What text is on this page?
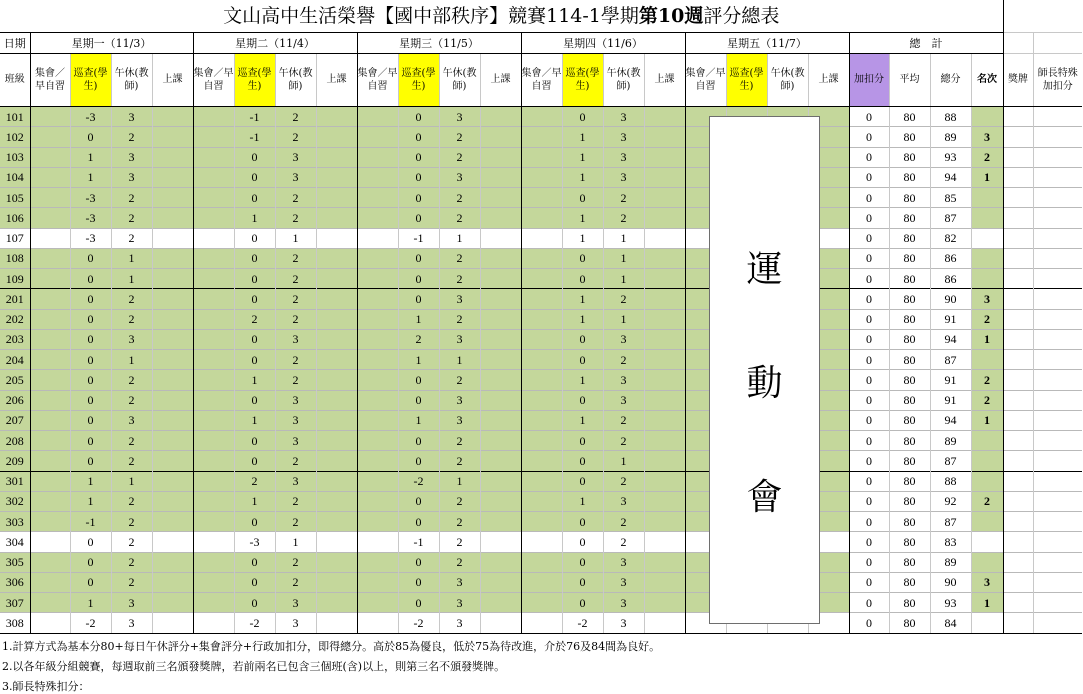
文山高中生活榮譽【國中部秩序】競賽114-1學期第10週評分總表																										
日期	星期一（11/3）				星期二（11/4）				星期三（11/5）				星期四（11/6）				星期五（11/7）				總　計					
班級	集會／早自習	巡查(學生)	午休(教師)	上課	集會／早自習	巡查(學生)	午休(教師)	上課	集會／早自習	巡查(學生)	午休(教師)	上課	集會／早自習	巡查(學生)	午休(教師)	上課	集會／早自習	巡查(學生)	午休(教師)	上課	加扣分	平均	總分	名次	獎牌	師長特殊加扣分
101		-3	3			-1	2			0	3			0	3						0	80	88			
102		0	2			-1	2			0	2			1	3						0	80	89	3		
103		1	3			0	3			0	2			1	3						0	80	93	2		
104		1	3			0	3			0	3			1	3						0	80	94	1		
105		-3	2			0	2			0	2			0	2						0	80	85			
106		-3	2			1	2			0	2			1	2						0	80	87			
107		-3	2			0	1			-1	1			1	1						0	80	82			
108		0	1			0	2			0	2			0	1						0	80	86			
109		0	1			0	2			0	2			0	1						0	80	86			
201		0	2			0	2			0	3			1	2						0	80	90	3		
202		0	2			2	2			1	2			1	1						0	80	91	2		
203		0	3			0	3			2	3			0	3						0	80	94	1		
204		0	1			0	2			1	1			0	2						0	80	87			
205		0	2			1	2			0	2			1	3						0	80	91	2		
206		0	2			0	3			0	3			0	3						0	80	91	2		
207		0	3			1	3			1	3			1	2						0	80	94	1		
208		0	2			0	3			0	2			0	2						0	80	89			
209		0	2			0	2			0	2			0	1						0	80	87			
301		1	1			2	3			-2	1			0	2						0	80	88			
302		1	2			1	2			0	2			1	3						0	80	92	2		
303		-1	2			0	2			0	2			0	2						0	80	87			
304		0	2			-3	1			-1	2			0	2						0	80	83			
305		0	2			0	2			0	2			0	3						0	80	89			
306		0	2			0	2			0	3			0	3						0	80	90	3		
307		1	3			0	3			0	3			0	3						0	80	93	1		
308		-2	3			-2	3			-2	3			-2	3						0	80	84			
運
動
會
1.計算方式為基本分80+每日午休評分+集會評分+行政加扣分，即得總分。高於85為優良，低於75為待改進，介於76及84間為良好。
2.以各年級分組競賽，每週取前三名頒發獎牌，若前兩名已包含三個班(含)以上，則第三名不頒發獎牌。
3.師長特殊扣分：
